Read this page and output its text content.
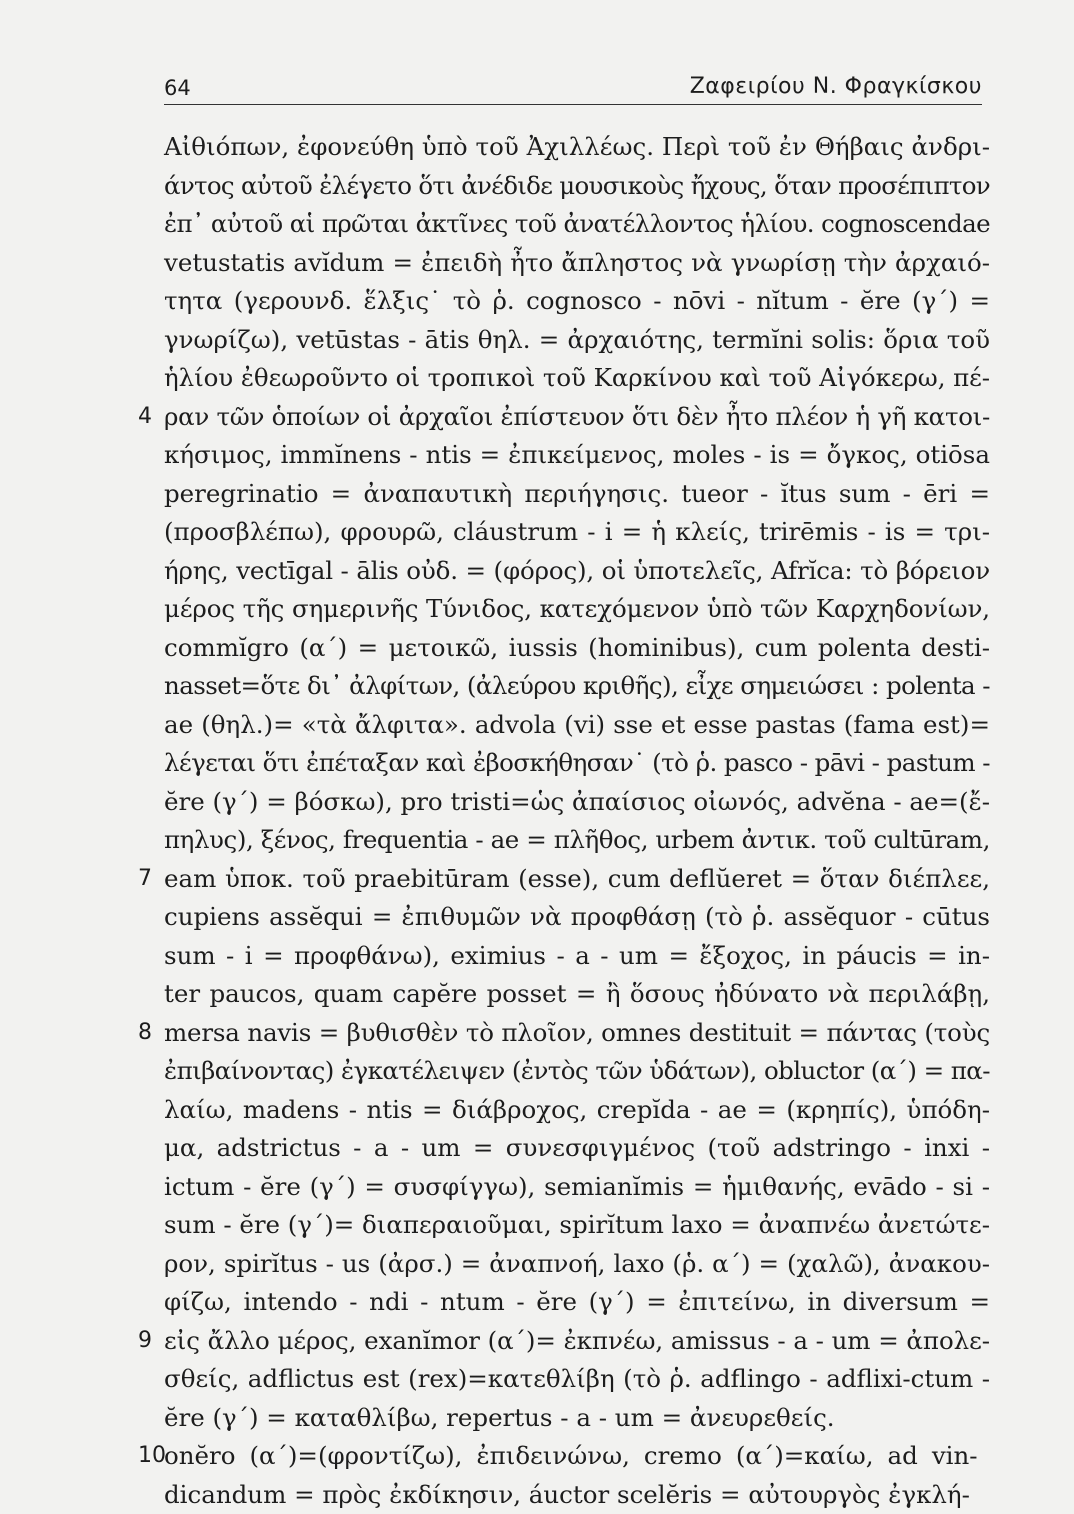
64	Ζαφειρίου Ν. Φραγκίσκου
Αἰθιόπων, ἐφονεύθη ὑπὸ τοῦ Ἀχιλλέως. Περὶ τοῦ ἐν Θήβαις ἀνδρι-
άντος αὐτοῦ ἐλέγετο ὅτι ἀνέδιδε μουσικοὺς ἤχους, ὅταν προσέπιπτον
ἐπ᾽ αὐτοῦ αἱ πρῶται ἀκτῖνες τοῦ ἀνατέλλοντος ἡλίου. cognoscendae
vetustatis avĭdum = ἐπειδὴ ἦτο ἄπληστος νὰ γνωρίσῃ τὴν ἀρχαιό-
τητα (γερουνδ. ἕλξις˙ τὸ ῥ. cognosco - nōvi - nĭtum - ĕre (γ΄) =
γνωρίζω), vetūstas - ātis θηλ. = ἀρχαιότης, termĭni solis: ὅρια τοῦ
ἡλίου ἐθεωροῦντο οἱ τροπικοὶ τοῦ Καρκίνου καὶ τοῦ Αἰγόκερω, πέ-
4 ραν τῶν ὁποίων οἱ ἀρχαῖοι ἐπίστευον ὅτι δὲν ἦτο πλέον ἡ γῆ κατοι-
κήσιμος, immĭnens - ntis = ἐπικείμενος, moles - is = ὄγκος, otiōsa
peregrinatio = ἀναπαυτικὴ περιήγησις. tueor - ĭtus sum - ēri =
(προσβλέπω), φρουρῶ, cláustrum - i = ἡ κλείς, trirēmis - is = τρι-
ήρης, vectīgal - ālis οὐδ. = (φόρος), οἱ ὑποτελεῖς, Afrĭca: τὸ βόρειον
μέρος τῆς σημερινῆς Τύνιδος, κατεχόμενον ὑπὸ τῶν Καρχηδονίων,
commĭgro (α΄) = μετοικῶ, iussis (hominibus), cum polenta desti-
nasset=ὅτε δι᾽ ἀλφίτων, (ἀλεύρου κριθῆς), εἶχε σημειώσει : polenta -
ae (θηλ.)= «τὰ ἄλφιτα». advola (vi) sse et esse pastas (fama est)=
λέγεται ὅτι ἐπέταξαν καὶ ἐβοσκήθησαν˙ (τὸ ῥ. pasco - pāvi - pastum -
ĕre (γ΄) = βόσκω), pro tristi=ὡς ἀπαίσιος οἰωνός, advĕna - ae=(ἔ-
πηλυς), ξένος, frequentia - ae = πλῆθος, urbem ἀντικ. τοῦ cultūram,
7 eam ὑποκ. τοῦ praebitūram (esse), cum deflŭeret = ὅταν διέπλεε,
cupiens assĕqui = ἐπιθυμῶν νὰ προφθάσῃ (τὸ ῥ. assĕquor - cūtus
sum - i = προφθάνω), eximius - a - um = ἔξοχος, in páucis = in-
ter paucos, quam capĕre posset = ἢ ὅσους ἠδύνατο νὰ περιλάβῃ,
8 mersa navis = βυθισθὲν τὸ πλοῖον, omnes destituit = πάντας (τοὺς
ἐπιβαίνοντας) ἐγκατέλειψεν (ἐντὸς τῶν ὑδάτων), obluctor (α΄) = πα-
λαίω, madens - ntis = διάβροχος, crepĭda - ae = (κρηπίς), ὑπόδη-
μα, adstrictus - a - um = συνεσφιγμένος (τοῦ adstringo - inxi -
ictum - ĕre (γ΄) = συσφίγγω), semianĭmis = ἡμιθανής, evādo - si -
sum - ĕre (γ΄)= διαπεραιοῦμαι, spirĭtum laxo = ἀναπνέω ἀνετώτε-
ρον, spirĭtus - us (ἀρσ.) = ἀναπνοή, laxo (ῥ. α΄) = (χαλῶ), ἀνακου-
φίζω, intendo - ndi - ntum - ĕre (γ΄) = ἐπιτείνω, in diversum =
9 εἰς ἄλλο μέρος, exanĭmor (α΄)= ἐκπνέω, amissus - a - um = ἀπολε-
σθείς, adflictus est (rex)=κατεθλίβη (τὸ ῥ. adflingo - adflixi-ctum -
ĕre (γ΄) = καταθλίβω, repertus - a - um = ἀνευρεθείς.
10
onĕro (α΄)=(φροντίζω), ἐπιδεινώνω, cremo (α΄)=καίω, ad vin-
dicandum = πρὸς ἐκδίκησιν, áuctor scelĕris = αὐτουργὸς ἐγκλή-
